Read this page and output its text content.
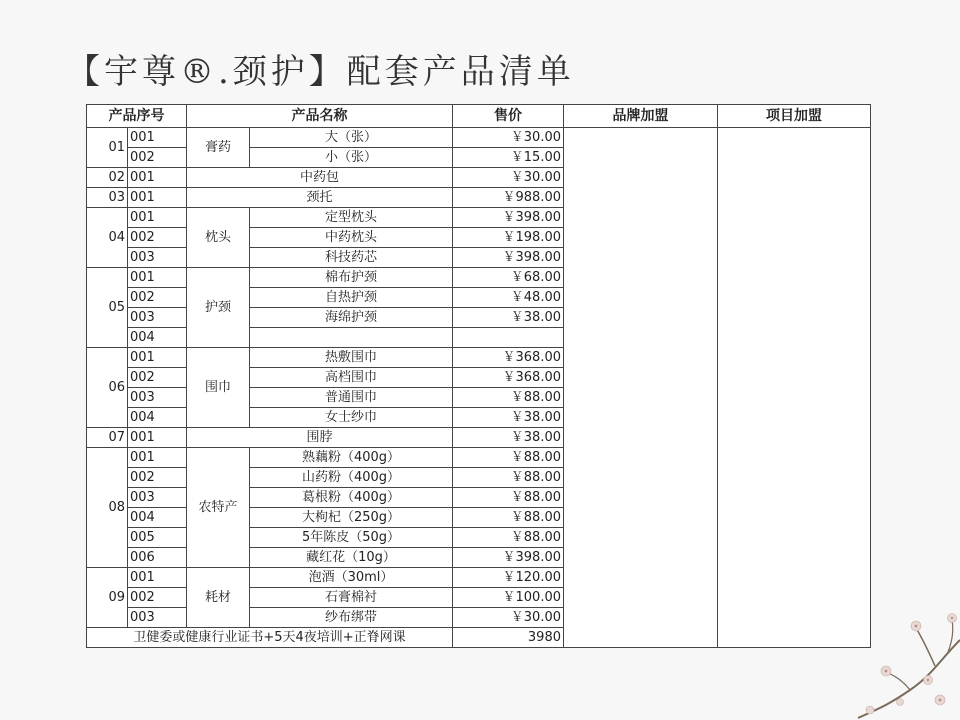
【宇尊®.颈护】配套产品清单
产品序号		产品名称		售价	品牌加盟	项目加盟
01	001	膏药	大（张）	￥30.00		
	002		小（张）	￥15.00		
02	001	中药包		￥30.00		
03	001	颈托		￥988.00		
04	001	枕头	定型枕头	￥398.00		
	002		中药枕头	￥198.00		
	003		科技药芯	￥398.00		
05	001	护颈	棉布护颈	￥68.00		
	002		自热护颈	￥48.00		
	003		海绵护颈	￥38.00		
	004					
06	001	围巾	热敷围巾	￥368.00		
	002		高档围巾	￥368.00		
	003		普通围巾	￥88.00		
	004		女士纱巾	￥38.00		
07	001	围脖		￥38.00		
08	001	农特产	熟藕粉（400g）	￥88.00		
	002		山药粉（400g）	￥88.00		
	003		葛根粉（400g）	￥88.00		
	004		大枸杞（250g）	￥88.00		
	005		5年陈皮（50g）	￥88.00		
	006		藏红花（10g）	￥398.00		
09	001	耗材	泡酒（30ml）	￥120.00		
	002		石膏棉衬	￥100.00		
	003		纱布绑带	￥30.00		
卫健委或健康行业证书+5天4夜培训+正脊网课				3980		
